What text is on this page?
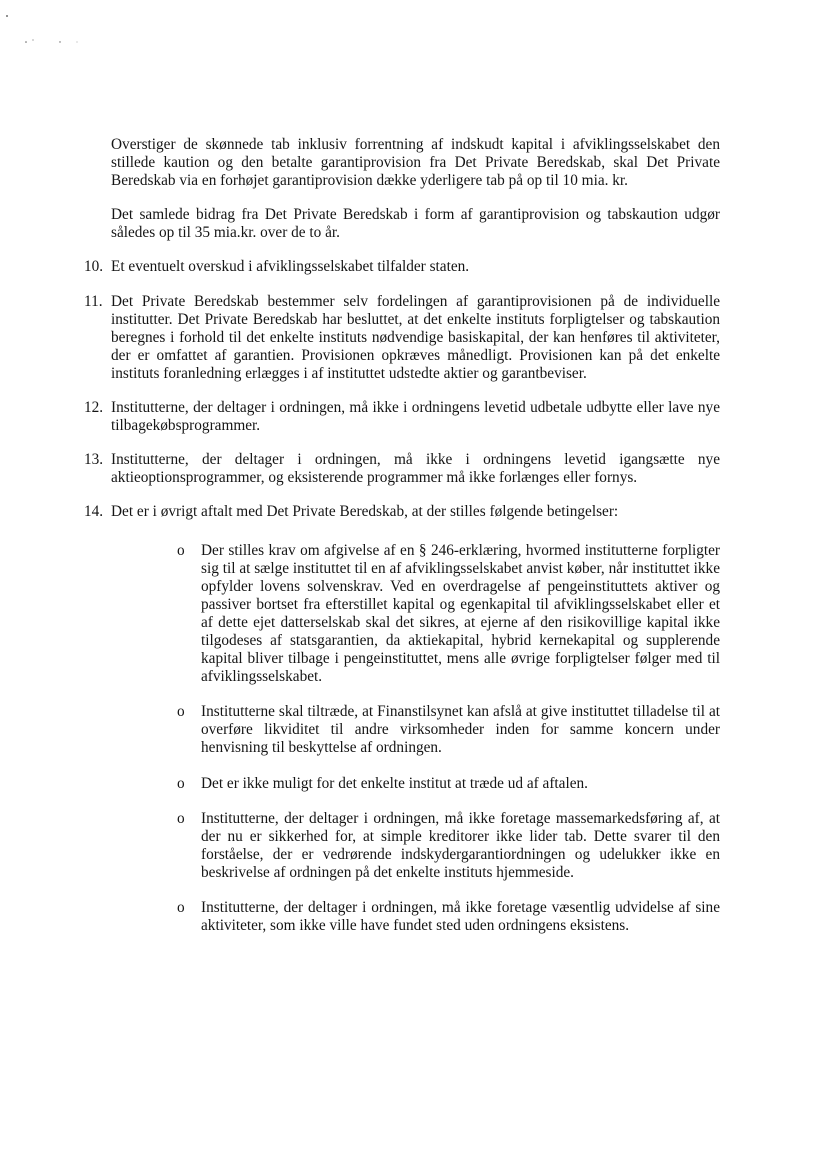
Overstiger de skønnede tab inklusiv forrentning af indskudt kapital i afviklingsselskabet den stillede kaution og den betalte garantiprovision fra Det Private Beredskab, skal Det Private Beredskab via en forhøjet garantiprovision dække yderligere tab på op til 10 mia. kr.

Det samlede bidrag fra Det Private Beredskab i form af garantiprovision og tabskaution udgør således op til 35 mia.kr. over de to år.

10. Et eventuelt overskud i afviklingsselskabet tilfalder staten.
11. Det Private Beredskab bestemmer selv fordelingen af garantiprovisionen på de individuelle institutter. Det Private Beredskab har besluttet, at det enkelte instituts forpligtelser og tabskaution beregnes i forhold til det enkelte instituts nødvendige basiskapital, der kan henføres til aktiviteter, der er omfattet af garantien. Provisionen opkræves månedligt. Provisionen kan på det enkelte instituts foranledning erlægges i af instituttet udstedte aktier og garantbeviser.
12. Institutterne, der deltager i ordningen, må ikke i ordningens levetid udbetale udbytte eller lave nye tilbagekøbsprogrammer.
13. Institutterne, der deltager i ordningen, må ikke i ordningens levetid igangsætte nye aktieoptionsprogrammer, og eksisterende programmer må ikke forlænges eller fornys.
14. Det er i øvrigt aftalt med Det Private Beredskab, at der stilles følgende betingelser:
o Der stilles krav om afgivelse af en § 246-erklæring, hvormed institutterne forpligter sig til at sælge instituttet til en af afviklingsselskabet anvist køber, når instituttet ikke opfylder lovens solvenskrav. Ved en overdragelse af pengeinstituttets aktiver og passiver bortset fra efterstillet kapital og egenkapital til afviklingsselskabet eller et af dette ejet datterselskab skal det sikres, at ejerne af den risikovillige kapital ikke tilgodeses af statsgarantien, da aktiekapital, hybrid kernekapital og supplerende kapital bliver tilbage i pengeinstituttet, mens alle øvrige forpligtelser følger med til afviklingsselskabet.
o Institutterne skal tiltræde, at Finanstilsynet kan afslå at give instituttet tilladelse til at overføre likviditet til andre virksomheder inden for samme koncern under henvisning til beskyttelse af ordningen.
o Det er ikke muligt for det enkelte institut at træde ud af aftalen.
o Institutterne, der deltager i ordningen, må ikke foretage massemarkedsføring af, at der nu er sikkerhed for, at simple kreditorer ikke lider tab. Dette svarer til den forståelse, der er vedrørende indskydergarantiordningen og udelukker ikke en beskrivelse af ordningen på det enkelte instituts hjemmeside.
o Institutterne, der deltager i ordningen, må ikke foretage væsentlig udvidelse af sine aktiviteter, som ikke ville have fundet sted uden ordningens eksistens.
